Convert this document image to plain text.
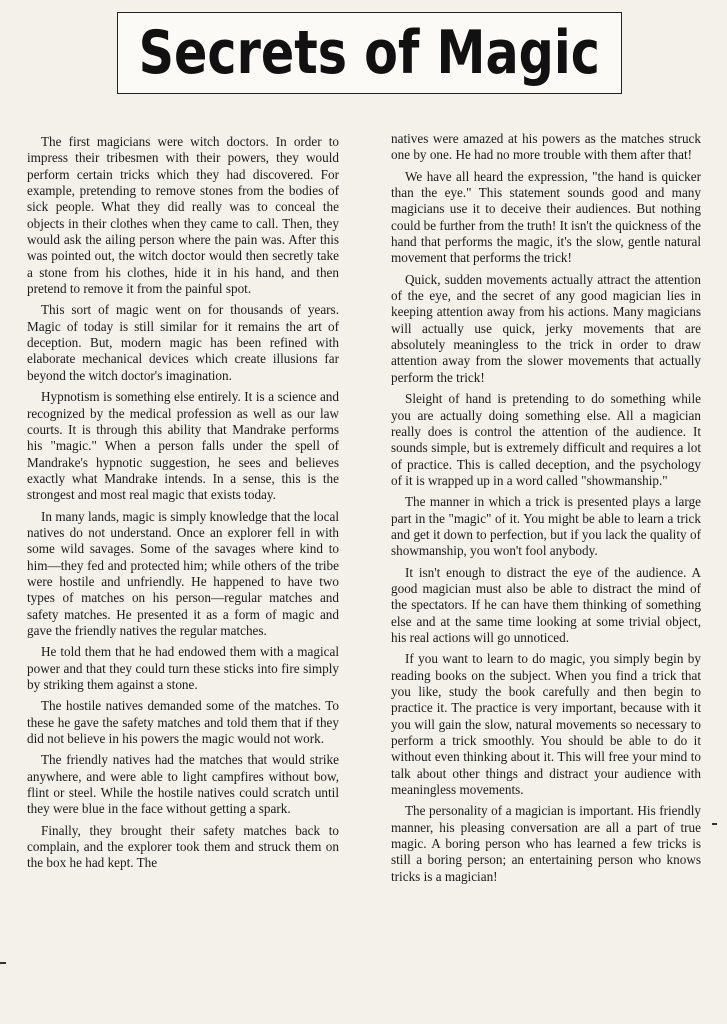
Secrets of Magic

The first magicians were witch doctors. In order to impress their tribesmen with their powers, they would perform certain tricks which they had discovered. For example, pretending to remove stones from the bodies of sick people. What they did really was to conceal the objects in their clothes when they came to call. Then, they would ask the ailing person where the pain was. After this was pointed out, the witch doctor would then secretly take a stone from his clothes, hide it in his hand, and then pretend to remove it from the painful spot.

This sort of magic went on for thousands of years. Magic of today is still similar for it remains the art of deception. But, modern magic has been refined with elaborate mechanical devices which create illusions far beyond the witch doctor's imagination.

Hypnotism is something else entirely. It is a science and recognized by the medical profession as well as our law courts. It is through this ability that Mandrake performs his "magic." When a person falls under the spell of Mandrake's hypnotic suggestion, he sees and believes exactly what Mandrake intends. In a sense, this is the strongest and most real magic that exists today.

In many lands, magic is simply knowledge that the local natives do not understand. Once an explorer fell in with some wild savages. Some of the savages where kind to him—they fed and protected him; while others of the tribe were hostile and unfriendly. He happened to have two types of matches on his person—regular matches and safety matches. He presented it as a form of magic and gave the friendly natives the regular matches.

He told them that he had endowed them with a magical power and that they could turn these sticks into fire simply by striking them against a stone.

The hostile natives demanded some of the matches. To these he gave the safety matches and told them that if they did not believe in his powers the magic would not work.

The friendly natives had the matches that would strike anywhere, and were able to light campfires without bow, flint or steel. While the hostile natives could scratch until they were blue in the face without getting a spark.

Finally, they brought their safety matches back to complain, and the explorer took them and struck them on the box he had kept. The

natives were amazed at his powers as the matches struck one by one. He had no more trouble with them after that!

We have all heard the expression, "the hand is quicker than the eye." This statement sounds good and many magicians use it to deceive their audiences. But nothing could be further from the truth! It isn't the quickness of the hand that performs the magic, it's the slow, gentle natural movement that performs the trick!

Quick, sudden movements actually attract the attention of the eye, and the secret of any good magician lies in keeping attention away from his actions. Many magicians will actually use quick, jerky movements that are absolutely meaningless to the trick in order to draw attention away from the slower movements that actually perform the trick!

Sleight of hand is pretending to do something while you are actually doing something else. All a magician really does is control the attention of the audience. It sounds simple, but is extremely difficult and requires a lot of practice. This is called deception, and the psychology of it is wrapped up in a word called "showmanship."

The manner in which a trick is presented plays a large part in the "magic" of it. You might be able to learn a trick and get it down to perfection, but if you lack the quality of showmanship, you won't fool anybody.

It isn't enough to distract the eye of the audience. A good magician must also be able to distract the mind of the spectators. If he can have them thinking of something else and at the same time looking at some trivial object, his real actions will go unnoticed.

If you want to learn to do magic, you simply begin by reading books on the subject. When you find a trick that you like, study the book carefully and then begin to practice it. The practice is very important, because with it you will gain the slow, natural movements so necessary to perform a trick smoothly. You should be able to do it without even thinking about it. This will free your mind to talk about other things and distract your audience with meaningless movements.

The personality of a magician is important. His friendly manner, his pleasing conversation are all a part of true magic. A boring person who has learned a few tricks is still a boring person; an entertaining person who knows tricks is a magician!
